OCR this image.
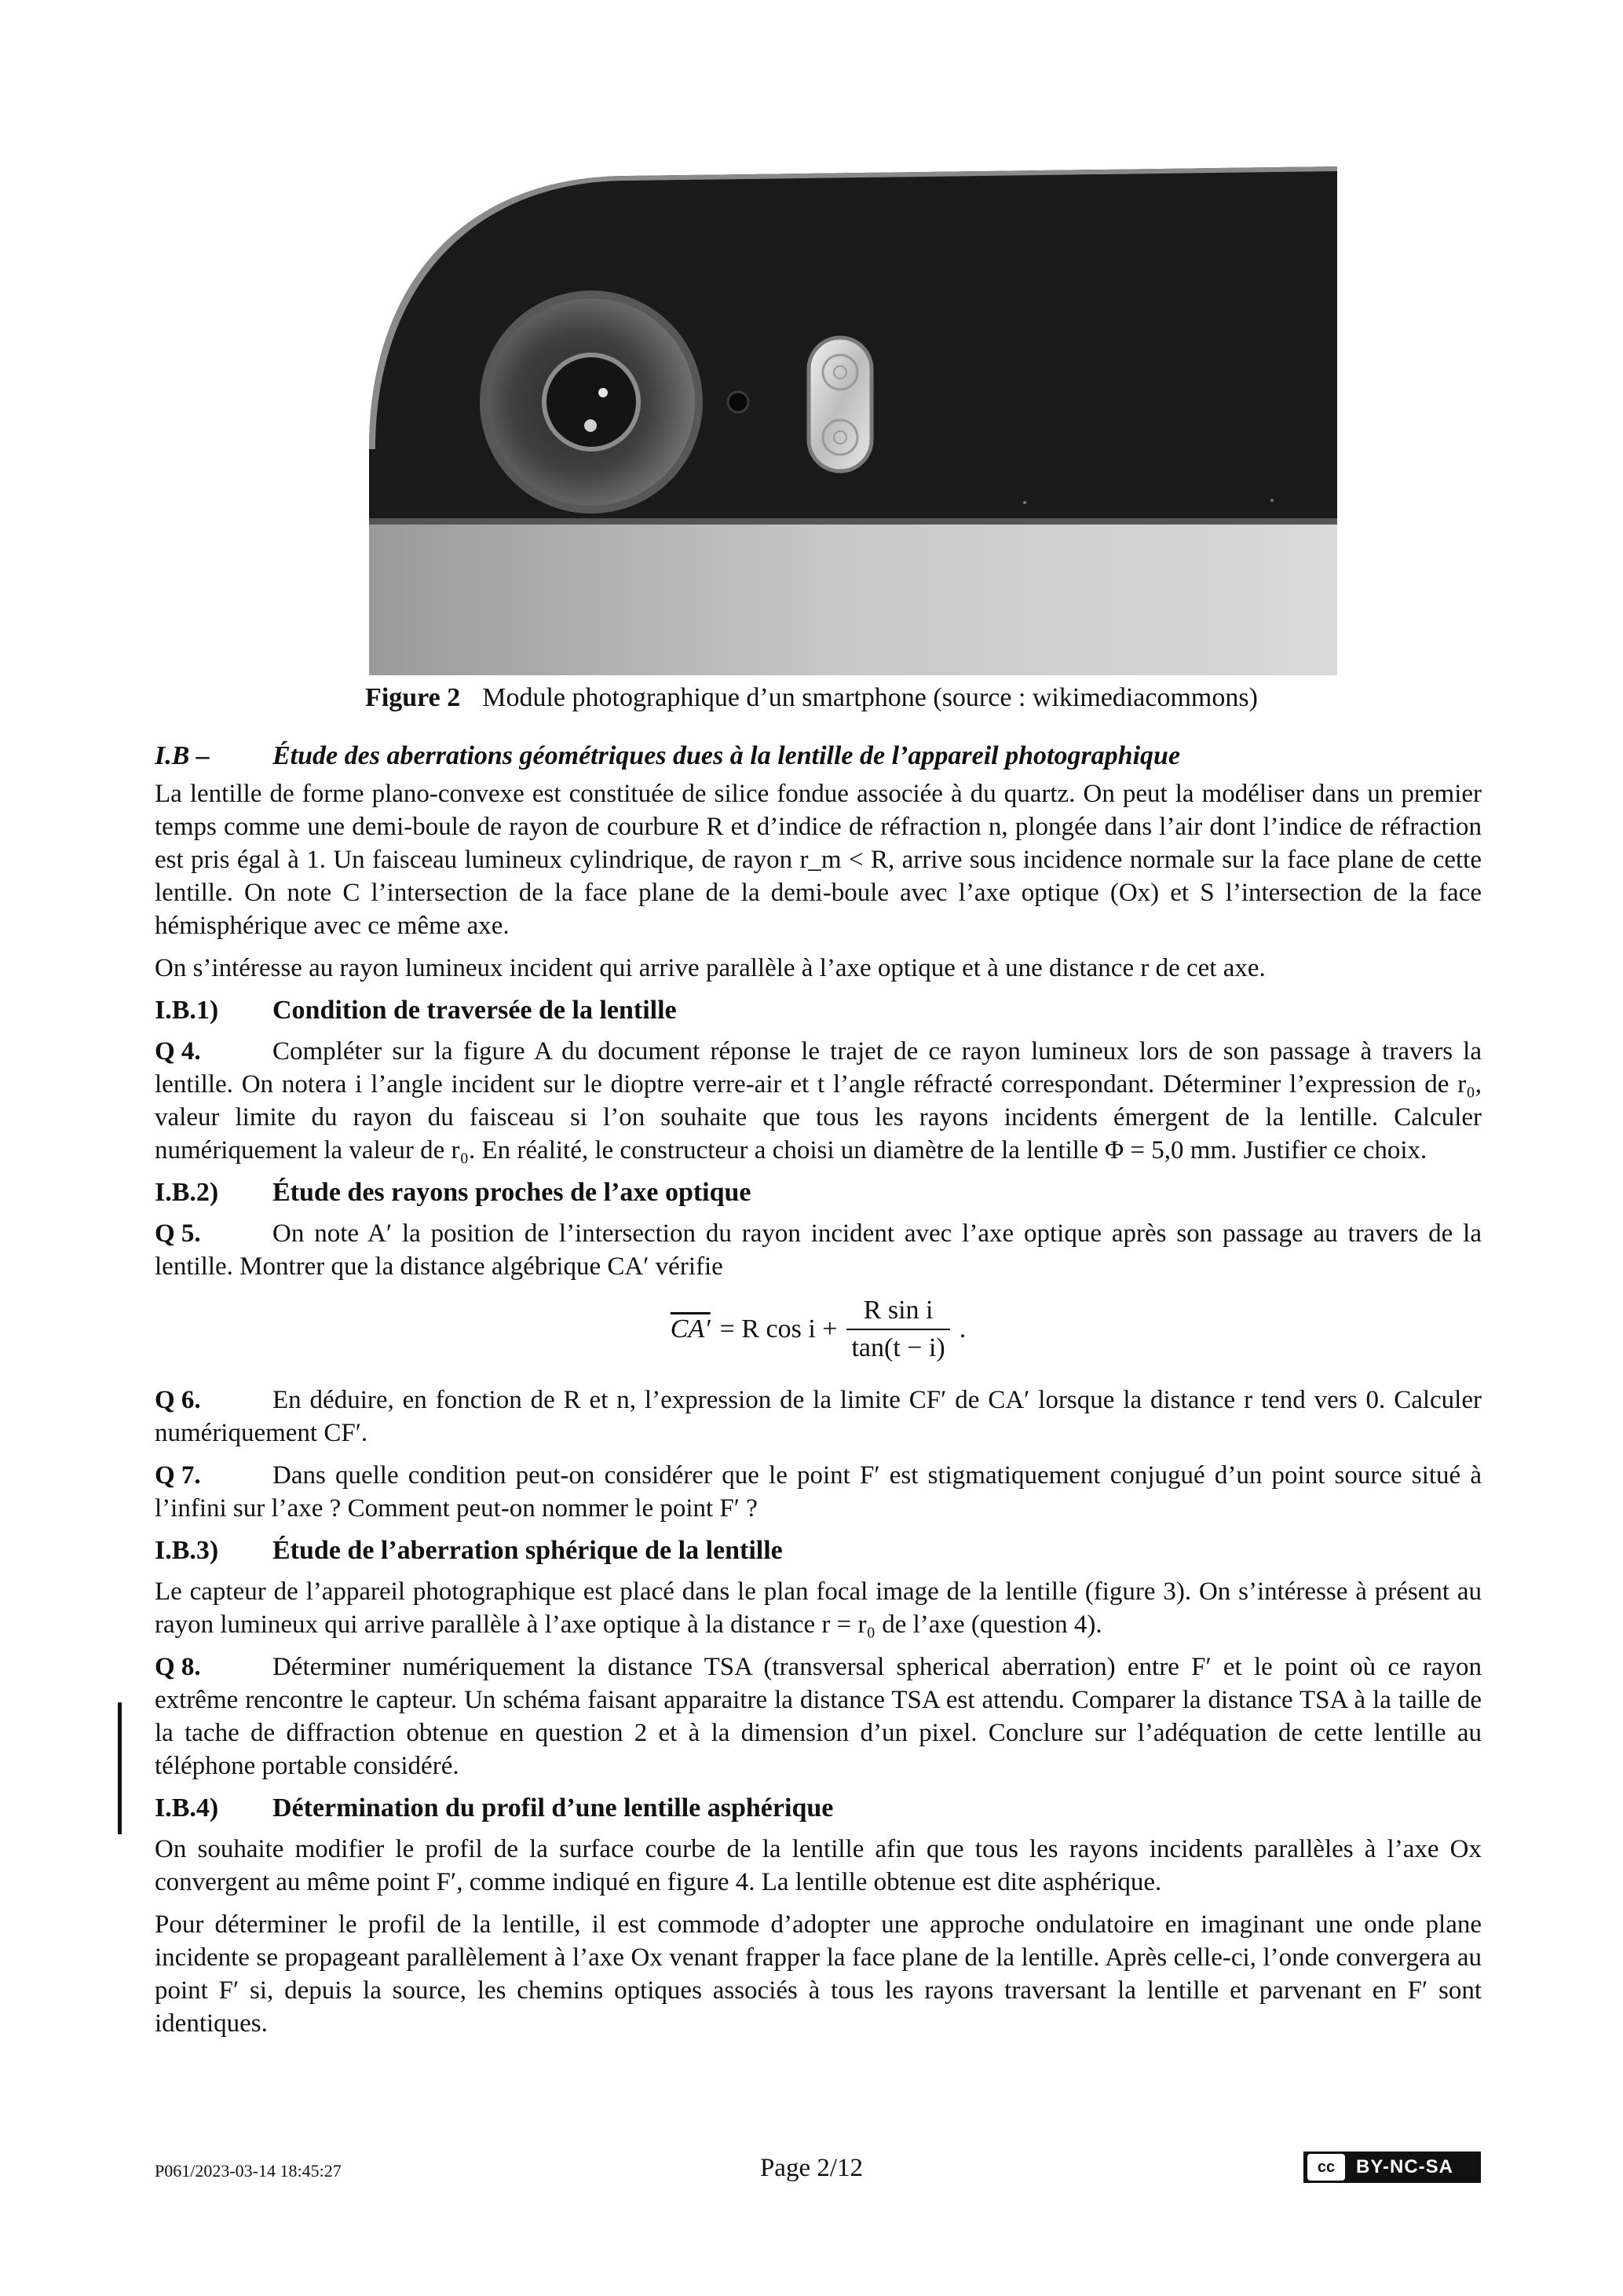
Figure 2 Module photographique d’un smartphone (source : wikimediacommons)
I.B – Étude des aberrations géométriques dues à la lentille de l’appareil photographique

La lentille de forme plano-convexe est constituée de silice fondue associée à du quartz. On peut la modéliser dans un premier temps comme une demi-boule de rayon de courbure R et d’indice de réfraction n, plongée dans l’air dont l’indice de réfraction est pris égal à 1. Un faisceau lumineux cylindrique, de rayon r_m < R, arrive sous incidence normale sur la face plane de cette lentille. On note C l’intersection de la face plane de la demi-boule avec l’axe optique (Ox) et S l’intersection de la face hémisphérique avec ce même axe.

On s’intéresse au rayon lumineux incident qui arrive parallèle à l’axe optique et à une distance r de cet axe.

I.B.1) Condition de traversée de la lentille

Q 4.	Compléter sur la figure A du document réponse le trajet de ce rayon lumineux lors de son passage à travers la lentille. On notera i l’angle incident sur le dioptre verre-air et t l’angle réfracté correspondant. Déterminer l’expression de r₀, valeur limite du rayon du faisceau si l’on souhaite que tous les rayons incidents émergent de la lentille. Calculer numériquement la valeur de r₀. En réalité, le constructeur a choisi un diamètre de la lentille Φ = 5,0 mm. Justifier ce choix.

I.B.2) Étude des rayons proches de l’axe optique

Q 5.	On note A′ la position de l’intersection du rayon incident avec l’axe optique après son passage au travers de la lentille. Montrer que la distance algébrique CA′ vérifie

CA′	= R cos i +	
R sin i
tan(t − i)
	.

Q 6.	En déduire, en fonction de R et n, l’expression de la limite CF′ de CA′ lorsque la distance r tend vers 0. Calculer numériquement CF′.

Q 7.	Dans quelle condition peut-on considérer que le point F′ est stigmatiquement conjugué d’un point source situé à l’infini sur l’axe ? Comment peut-on nommer le point F′ ?

I.B.3) Étude de l’aberration sphérique de la lentille

Le capteur de l’appareil photographique est placé dans le plan focal image de la lentille (figure 3). On s’intéresse à présent au rayon lumineux qui arrive parallèle à l’axe optique à la distance r = r₀ de l’axe (question 4).

Q 8.	Déterminer numériquement la distance TSA (transversal spherical aberration) entre F′ et le point où ce rayon extrême rencontre le capteur. Un schéma faisant apparaitre la distance TSA est attendu. Comparer la distance TSA à la taille de la tache de diffraction obtenue en question 2 et à la dimension d’un pixel. Conclure sur l’adéquation de cette lentille au téléphone portable considéré.

I.B.4) Détermination du profil d’une lentille asphérique

On souhaite modifier le profil de la surface courbe de la lentille afin que tous les rayons incidents parallèles à l’axe Ox convergent au même point F′, comme indiqué en figure 4. La lentille obtenue est dite asphérique.

Pour déterminer le profil de la lentille, il est commode d’adopter une approche ondulatoire en imaginant une onde plane incidente se propageant parallèlement à l’axe Ox venant frapper la face plane de la lentille. Après celle-ci, l’onde convergera au point F′ si, depuis la source, les chemins optiques associés à tous les rayons traversant la lentille et parvenant en F′ sont identiques.

P061/2023-03-14 18:45:27	Page 2/12	cc	BY-NC-SA
